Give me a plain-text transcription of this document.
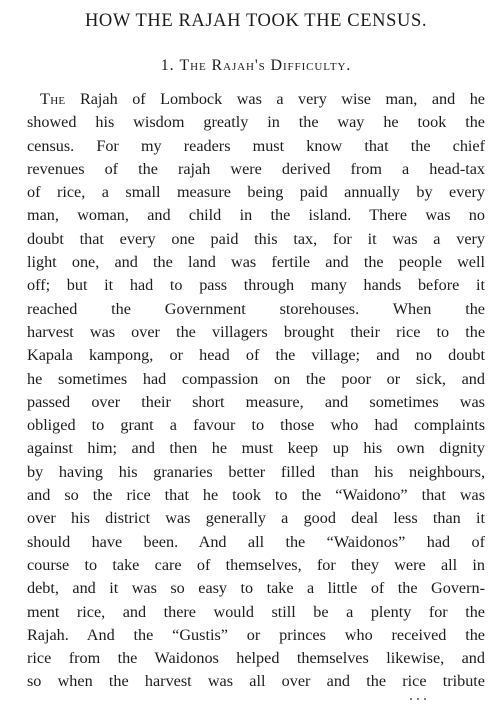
HOW THE RAJAH TOOK THE CENSUS.
1. The Rajah's Difficulty.
The Rajah of Lombock was a very wise man, and he
showed his wisdom greatly in the way he took the
census. For my readers must know that the chief
revenues of the rajah were derived from a head-tax
of rice, a small measure being paid annually by every
man, woman, and child in the island. There was no
doubt that every one paid this tax, for it was a very
light one, and the land was fertile and the people well
off; but it had to pass through many hands before it
reached the Government storehouses. When the
harvest was over the villagers brought their rice to the
Kapala kampong, or head of the village; and no doubt
he sometimes had compassion on the poor or sick, and
passed over their short measure, and sometimes was
obliged to grant a favour to those who had complaints
against him; and then he must keep up his own dignity
by having his granaries better filled than his neighbours,
and so the rice that he took to the “Waidono” that was
over his district was generally a good deal less than it
should have been. And all the “Waidonos” had of
course to take care of themselves, for they were all in
debt, and it was so easy to take a little of the Govern-
ment rice, and there would still be a plenty for the
Rajah. And the “Gustis” or princes who received the
rice from the Waidonos helped themselves likewise, and
so when the harvest was all over and the rice tribute
